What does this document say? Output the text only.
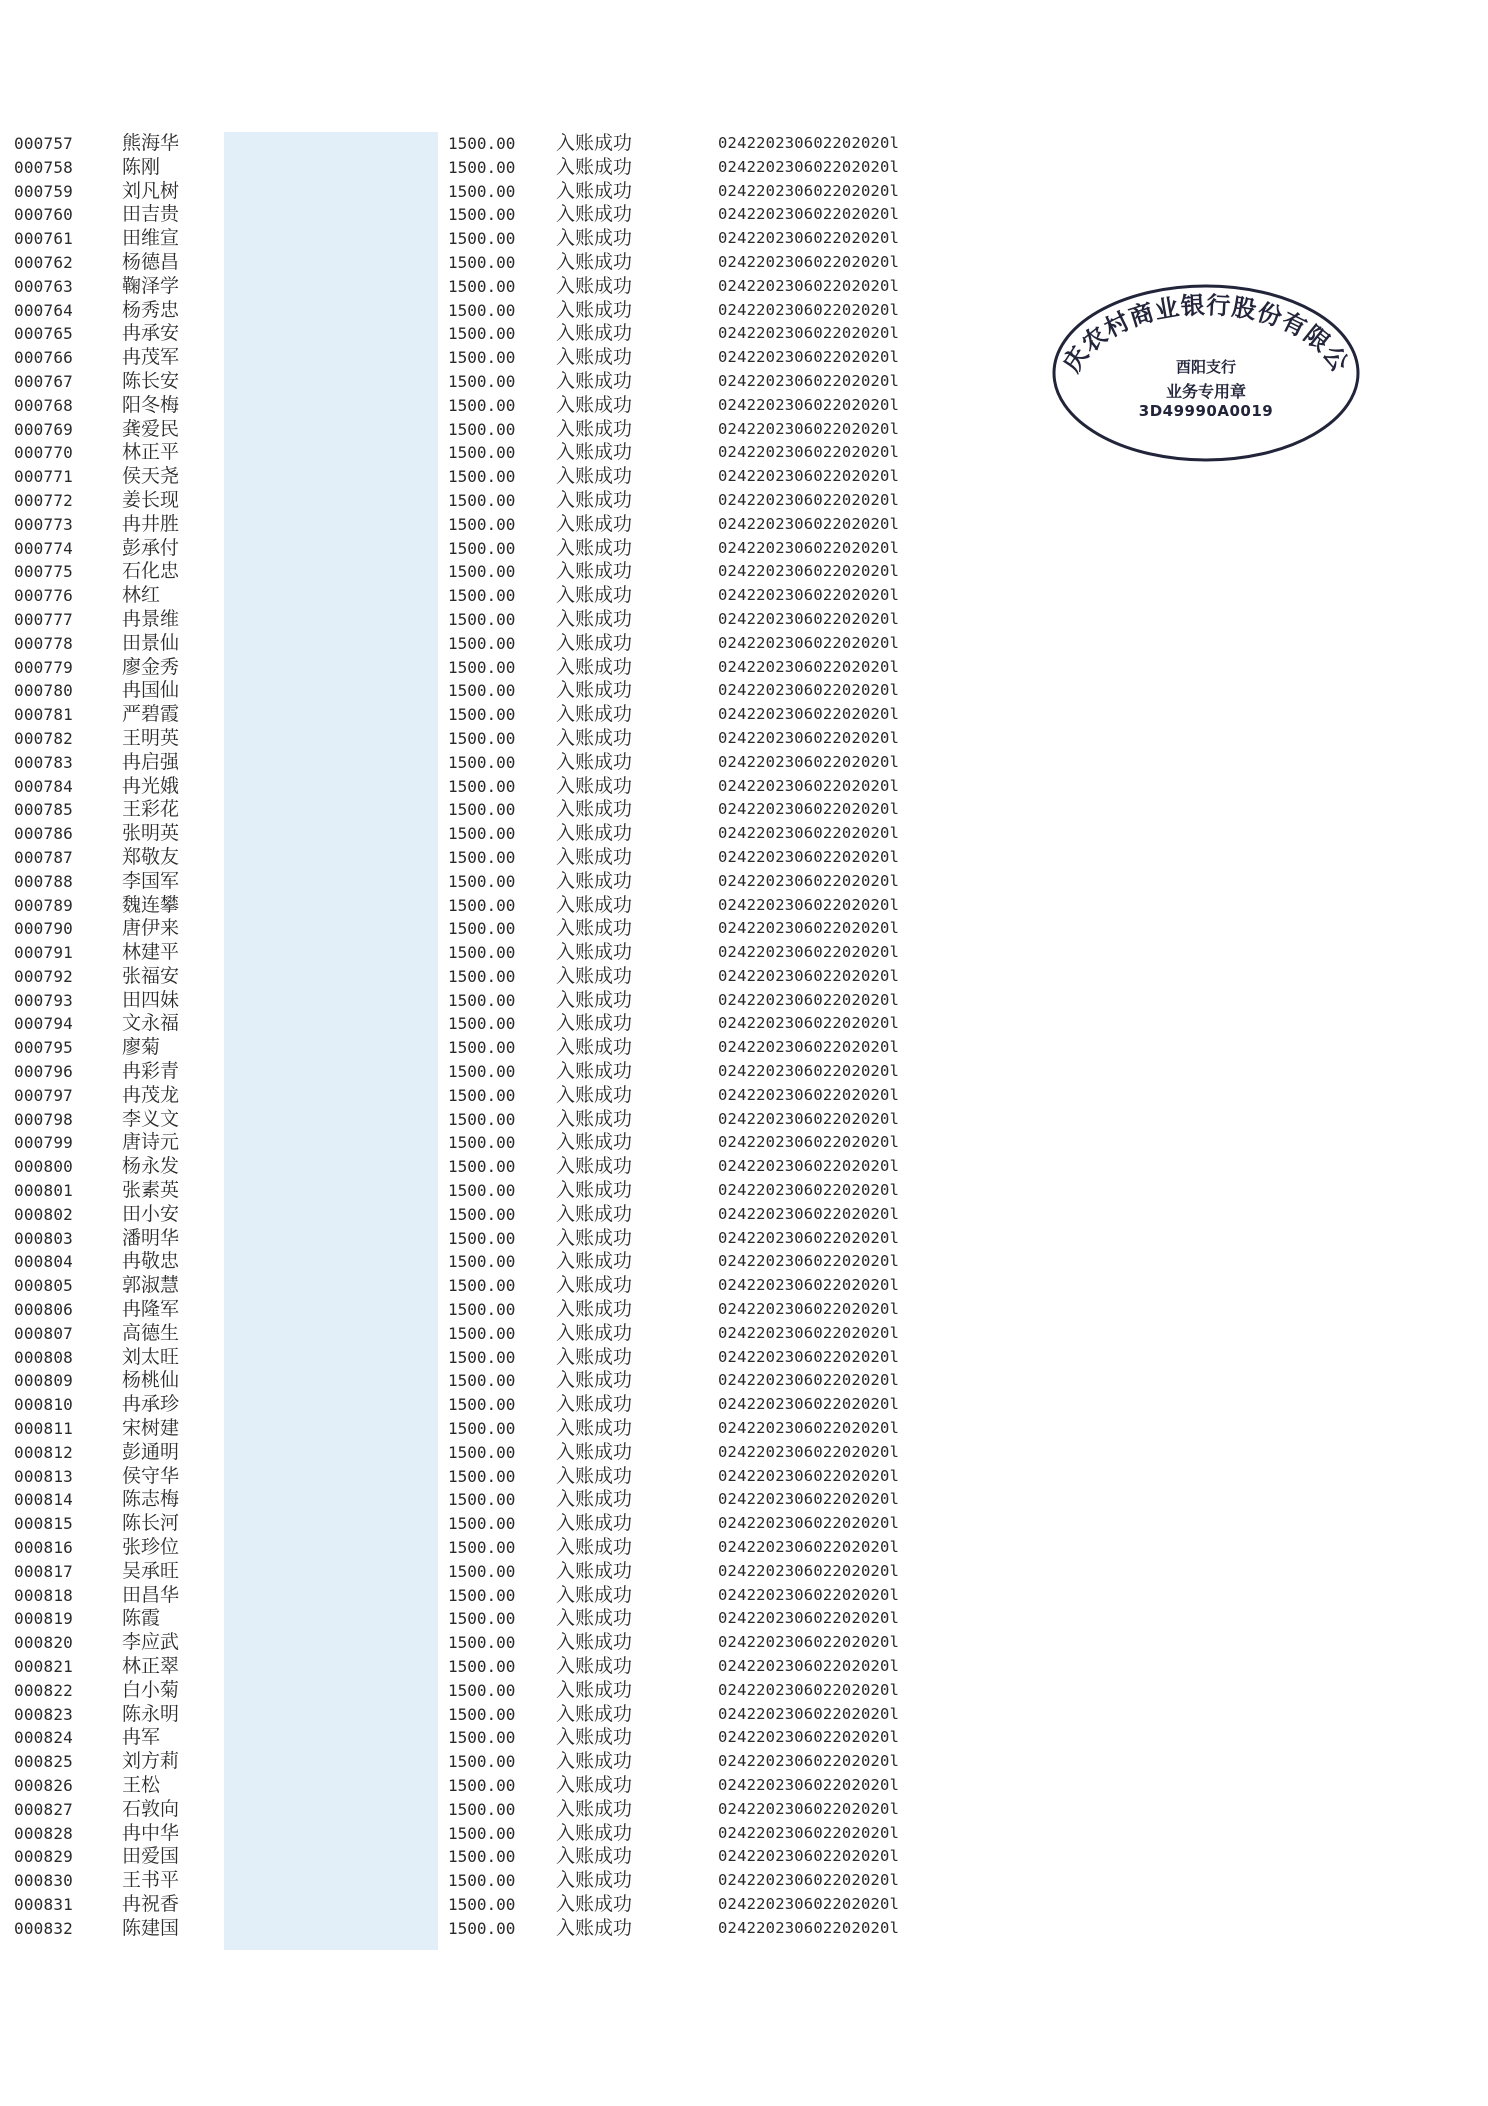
000757	熊海华	1500.00 入账成功	024220230602202020l
000758	陈刚	1500.00 入账成功	024220230602202020l
000759	刘凡树	1500.00 入账成功	024220230602202020l
000760	田吉贵	1500.00 入账成功	024220230602202020l
000761	田维宣	1500.00 入账成功	024220230602202020l
000762	杨德昌	1500.00 入账成功	024220230602202020l
000763	鞠泽学	1500.00 入账成功	024220230602202020l
000764	杨秀忠	1500.00 入账成功	024220230602202020l
000765	冉承安	1500.00 入账成功	024220230602202020l
000766	冉茂军	1500.00 入账成功	024220230602202020l
000767	陈长安	1500.00 入账成功	024220230602202020l
000768	阳冬梅	1500.00 入账成功	024220230602202020l
000769	龚爱民	1500.00 入账成功	024220230602202020l
000770	林正平	1500.00 入账成功	024220230602202020l
000771	侯天尧	1500.00 入账成功	024220230602202020l
000772	姜长现	1500.00 入账成功	024220230602202020l
000773	冉井胜	1500.00 入账成功	024220230602202020l
000774	彭承付	1500.00 入账成功	024220230602202020l
000775	石化忠	1500.00 入账成功	024220230602202020l
000776	林红	1500.00 入账成功	024220230602202020l
000777	冉景维	1500.00 入账成功	024220230602202020l
000778	田景仙	1500.00 入账成功	024220230602202020l
000779	廖金秀	1500.00 入账成功	024220230602202020l
000780	冉国仙	1500.00 入账成功	024220230602202020l
000781	严碧霞	1500.00 入账成功	024220230602202020l
000782	王明英	1500.00 入账成功	024220230602202020l
000783	冉启强	1500.00 入账成功	024220230602202020l
000784	冉光娥	1500.00 入账成功	024220230602202020l
000785	王彩花	1500.00 入账成功	024220230602202020l
000786	张明英	1500.00 入账成功	024220230602202020l
000787	郑敬友	1500.00 入账成功	024220230602202020l
000788	李国军	1500.00 入账成功	024220230602202020l
000789	魏连攀	1500.00 入账成功	024220230602202020l
000790	唐伊来	1500.00 入账成功	024220230602202020l
000791	林建平	1500.00 入账成功	024220230602202020l
000792	张福安	1500.00 入账成功	024220230602202020l
000793	田四妹	1500.00 入账成功	024220230602202020l
000794	文永福	1500.00 入账成功	024220230602202020l
000795	廖菊	1500.00 入账成功	024220230602202020l
000796	冉彩青	1500.00 入账成功	024220230602202020l
000797	冉茂龙	1500.00 入账成功	024220230602202020l
000798	李义文	1500.00 入账成功	024220230602202020l
000799	唐诗元	1500.00 入账成功	024220230602202020l
000800	杨永发	1500.00 入账成功	024220230602202020l
000801	张素英	1500.00 入账成功	024220230602202020l
000802	田小安	1500.00 入账成功	024220230602202020l
000803	潘明华	1500.00 入账成功	024220230602202020l
000804	冉敬忠	1500.00 入账成功	024220230602202020l
000805	郭淑慧	1500.00 入账成功	024220230602202020l
000806	冉隆军	1500.00 入账成功	024220230602202020l
000807	高德生	1500.00 入账成功	024220230602202020l
000808	刘太旺	1500.00 入账成功	024220230602202020l
000809	杨桃仙	1500.00 入账成功	024220230602202020l
000810	冉承珍	1500.00 入账成功	024220230602202020l
000811	宋树建	1500.00 入账成功	024220230602202020l
000812	彭通明	1500.00 入账成功	024220230602202020l
000813	侯守华	1500.00 入账成功	024220230602202020l
000814	陈志梅	1500.00 入账成功	024220230602202020l
000815	陈长河	1500.00 入账成功	024220230602202020l
000816	张珍位	1500.00 入账成功	024220230602202020l
000817	吴承旺	1500.00 入账成功	024220230602202020l
000818	田昌华	1500.00 入账成功	024220230602202020l
000819	陈霞	1500.00 入账成功	024220230602202020l
000820	李应武	1500.00 入账成功	024220230602202020l
000821	林正翠	1500.00 入账成功	024220230602202020l
000822	白小菊	1500.00 入账成功	024220230602202020l
000823	陈永明	1500.00 入账成功	024220230602202020l
000824	冉军	1500.00 入账成功	024220230602202020l
000825	刘方莉	1500.00 入账成功	024220230602202020l
000826	王松	1500.00 入账成功	024220230602202020l
000827	石敦向	1500.00 入账成功	024220230602202020l
000828	冉中华	1500.00 入账成功	024220230602202020l
000829	田爱国	1500.00 入账成功	024220230602202020l
000830	王书平	1500.00 入账成功	024220230602202020l
000831	冉祝香	1500.00 入账成功	024220230602202020l
000832	陈建国	1500.00 入账成功	024220230602202020l
庆农村商业银行股份有限公
酉阳支行
业务专用章
3D49990A0019
